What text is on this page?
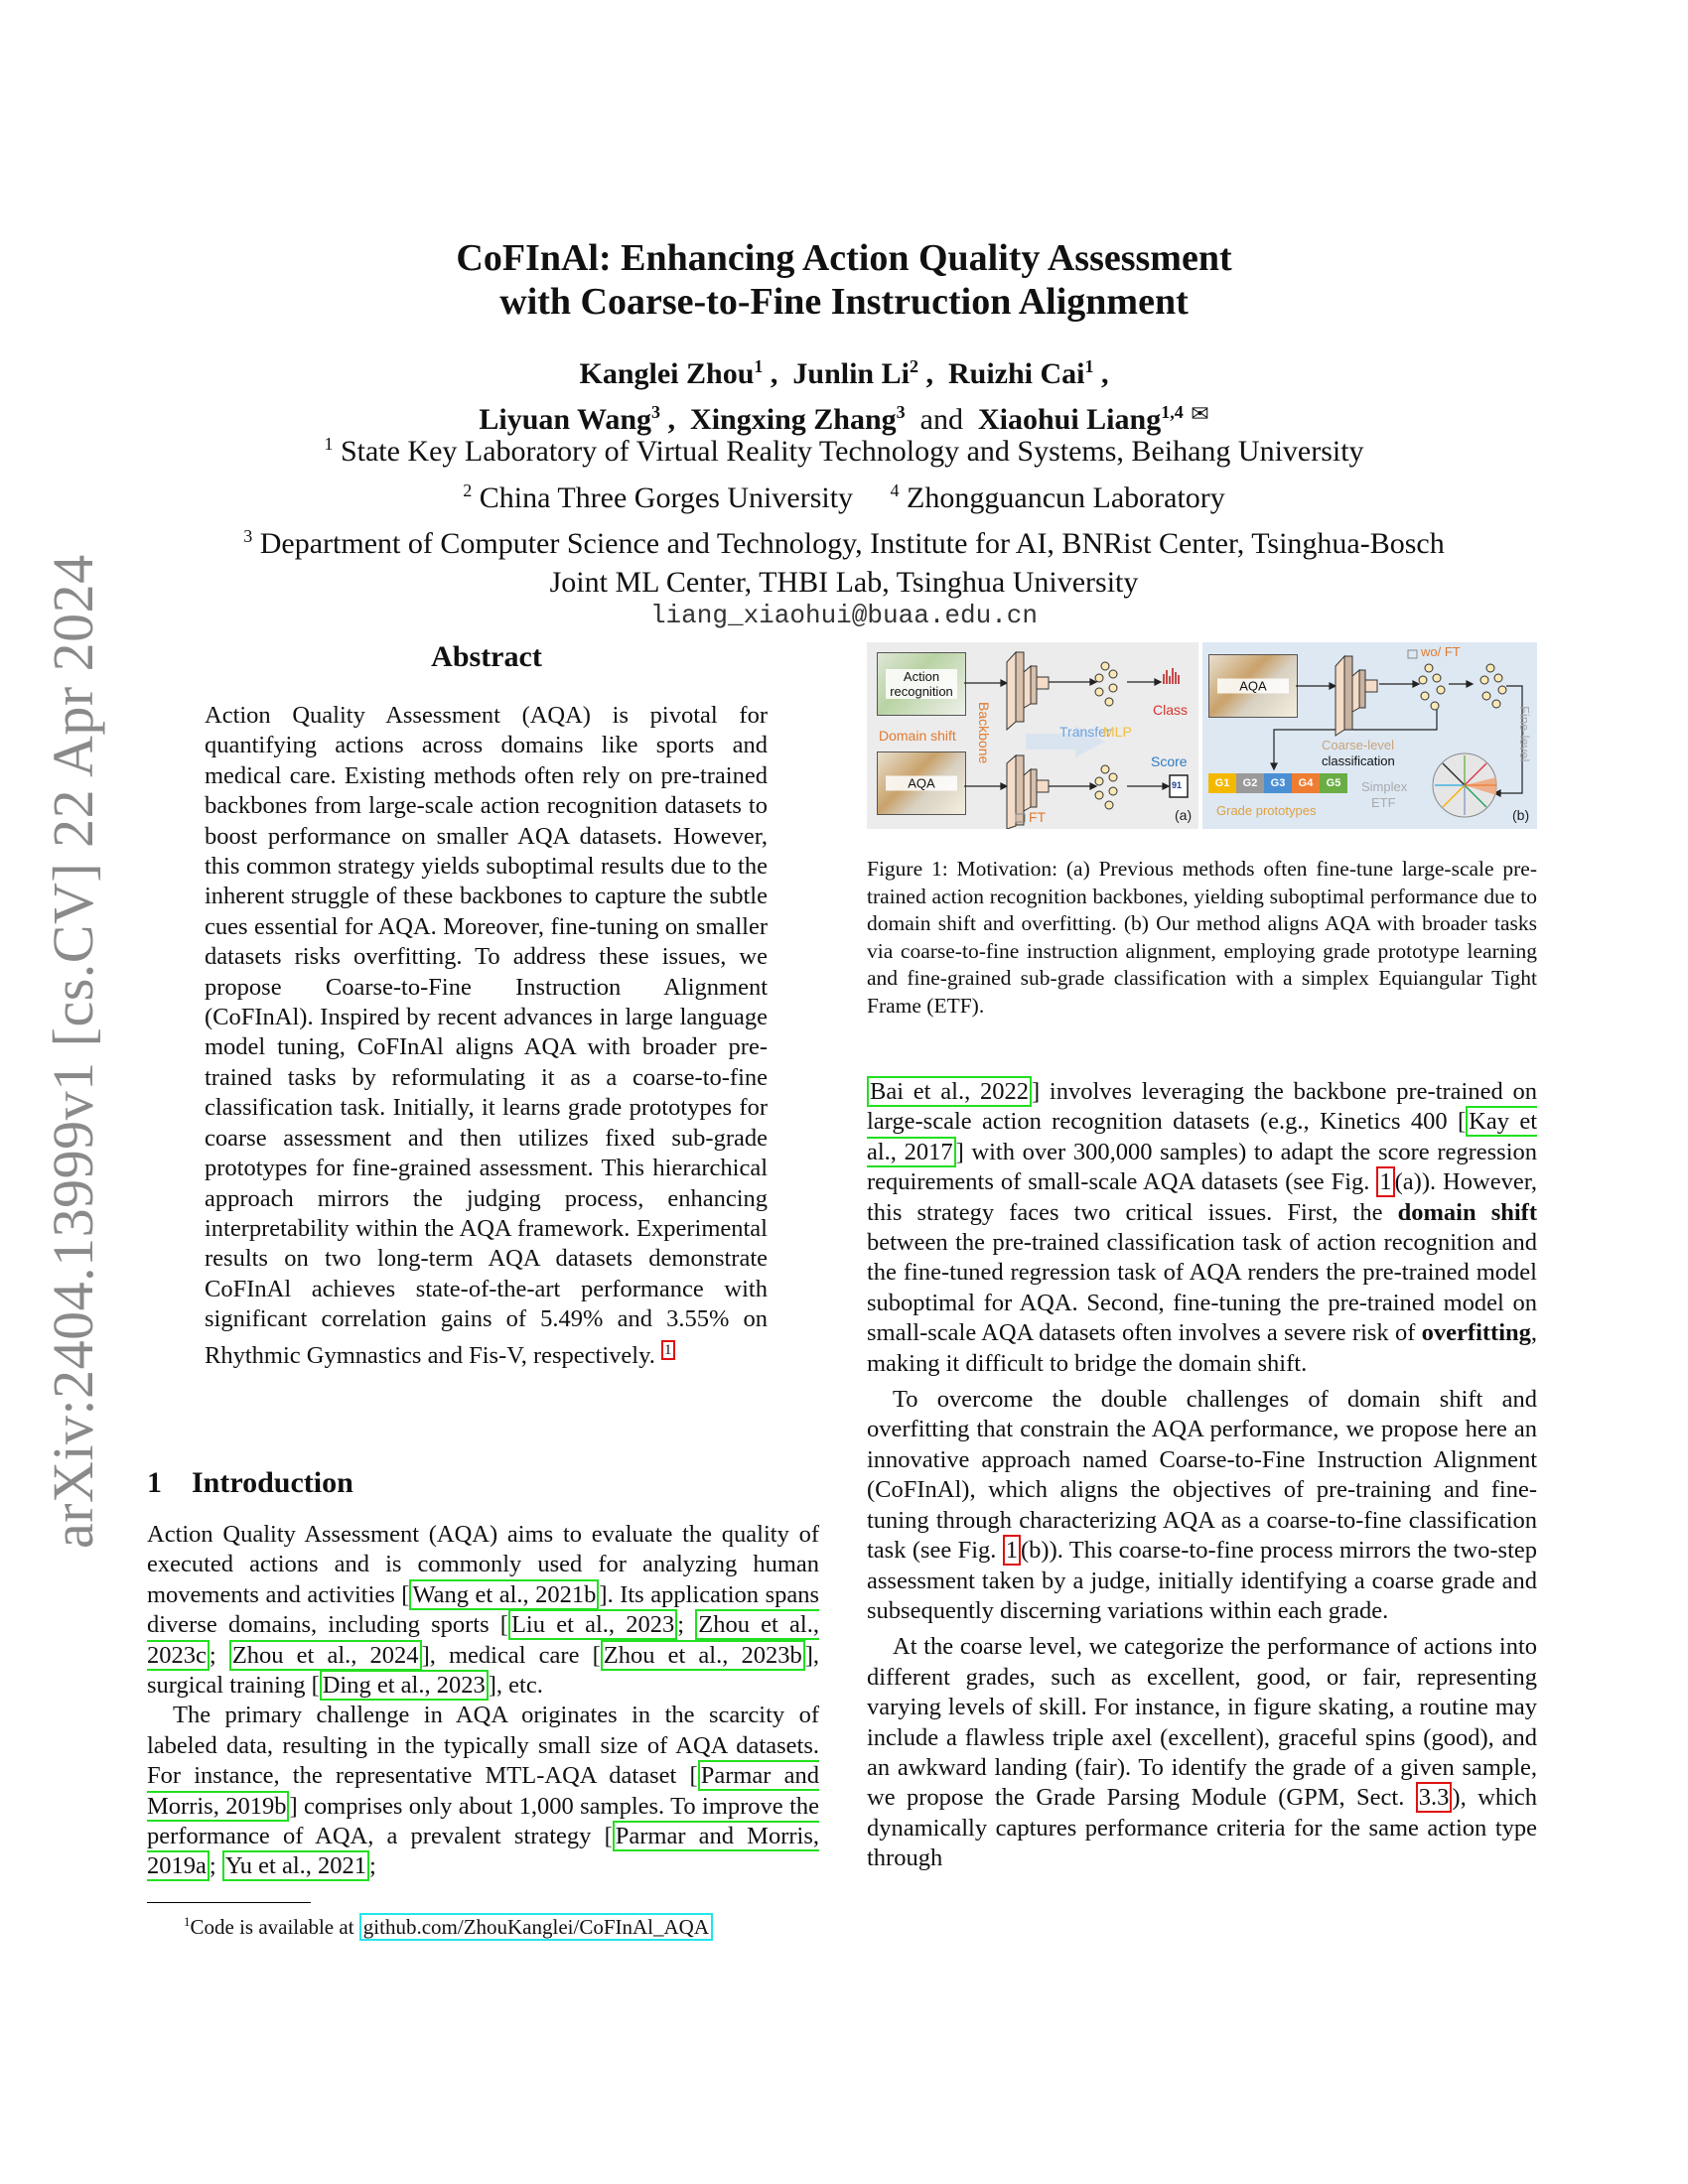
arXiv:2404.13999v1 [cs.CV] 22 Apr 2024
CoFInAl: Enhancing Action Quality Assessment
with Coarse-to-Fine Instruction Alignment
Kanglei Zhou$^1$ ,  Junlin Li$^2$ ,  Ruizhi Cai$^1$ ,
Liyuan Wang$^3$ ,  Xingxing Zhang$^3$ and Xiaohui Liang$^{1,4}$ ✉
$^1$ State Key Laboratory of Virtual Reality Technology and Systems, Beihang University
$^2$ China Three Gorges University $^4$ Zhongguancun Laboratory
$^3$ Department of Computer Science and Technology, Institute for AI, BNRist Center, Tsinghua-Bosch
Joint ML Center, THBI Lab, Tsinghua University
liang_xiaohui@buaa.edu.cn
Abstract

Action Quality Assessment (AQA) is pivotal for quantifying actions across domains like sports and medical care. Existing methods often rely on pre-trained backbones from large-scale action recognition datasets to boost performance on smaller AQA datasets. However, this common strategy yields suboptimal results due to the inherent struggle of these backbones to capture the subtle cues essential for AQA. Moreover, fine-tuning on smaller datasets risks overfitting. To address these issues, we propose Coarse-to-Fine Instruction Alignment (CoFInAl). Inspired by recent advances in large language model tuning, CoFInAl aligns AQA with broader pre-trained tasks by reformulating it as a coarse-to-fine classification task. Initially, it learns grade prototypes for coarse assessment and then utilizes fixed sub-grade prototypes for fine-grained assessment. This hierarchical approach mirrors the judging process, enhancing interpretability within the AQA framework. Experimental results on two long-term AQA datasets demonstrate CoFInAl achieves state-of-the-art performance with significant correlation gains of 5.49% and 3.55% on Rhythmic Gymnastics and Fis-V, respectively. $^1$

1 Introduction

Action Quality Assessment (AQA) aims to evaluate the quality of executed actions and is commonly used for analyzing human movements and activities [ Wang et al., 2021b ]. Its application spans diverse domains, including sports [ Liu et al., 2023 ; Zhou et al., 2023c ; Zhou et al., 2024 ], medical care [ Zhou et al., 2023b ], surgical training [ Ding et al., 2023 ], etc.

The primary challenge in AQA originates in the scarcity of labeled data, resulting in the typically small size of AQA datasets. For instance, the representative MTL-AQA dataset [ Parmar and Morris, 2019b ] comprises only about 1,000 samples. To improve the performance of AQA, a prevalent strategy [ Parmar and Morris, 2019a ; Yu et al., 2021 ;

$^1$Code is available at github.com/ZhouKanglei/CoFInAl_AQA
Action recognition
Domain shift
AQA
Backbone	Transfer
MLP
Class
Score
91
FT	(a)
AQA
wo/ FT
Coarse-level
classification	Fine-level
G1 G2 G3 G4 G5
Grade prototypes
Simplex
ETF
(b)
Figure 1: Motivation: (a) Previous methods often fine-tune large-scale pre-trained action recognition backbones, yielding suboptimal performance due to domain shift and overfitting. (b) Our method aligns AQA with broader tasks via coarse-to-fine instruction alignment, employing grade prototype learning and fine-grained sub-grade classification with a simplex Equiangular Tight Frame (ETF).

Bai et al., 2022 ] involves leveraging the backbone pre-trained on large-scale action recognition datasets (e.g., Kinetics 400 [ Kay et al., 2017 ] with over 300,000 samples) to adapt the score regression requirements of small-scale AQA datasets (see Fig. 1 (a)). However, this strategy faces two critical issues. First, the domain shift between the pre-trained classification task of action recognition and the fine-tuned regression task of AQA renders the pre-trained model suboptimal for AQA. Second, fine-tuning the pre-trained model on small-scale AQA datasets often involves a severe risk of overfitting, making it difficult to bridge the domain shift.

To overcome the double challenges of domain shift and overfitting that constrain the AQA performance, we propose here an innovative approach named Coarse-to-Fine Instruction Alignment (CoFInAl), which aligns the objectives of pre-training and fine-tuning through characterizing AQA as a coarse-to-fine classification task (see Fig. 1 (b)). This coarse-to-fine process mirrors the two-step assessment taken by a judge, initially identifying a coarse grade and subsequently discerning variations within each grade.

At the coarse level, we categorize the performance of actions into different grades, such as excellent, good, or fair, representing varying levels of skill. For instance, in figure skating, a routine may include a flawless triple axel (excellent), graceful spins (good), and an awkward landing (fair). To identify the grade of a given sample, we propose the Grade Parsing Module (GPM, Sect. 3.3 ), which dynamically captures performance criteria for the same action type through
